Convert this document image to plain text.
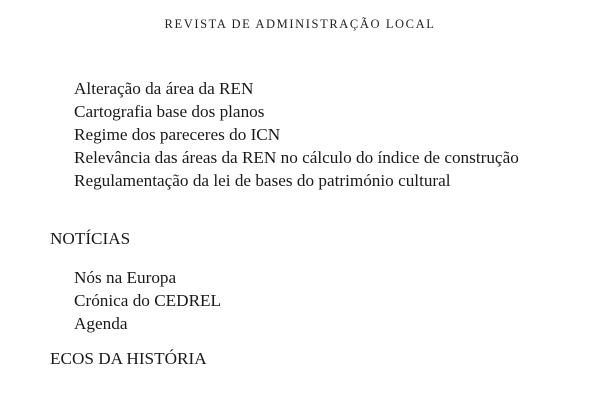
REVISTA DE ADMINISTRAÇÃO LOCAL
Alteração da área da REN
Cartografia base dos planos
Regime dos pareceres do ICN
Relevância das áreas da REN no cálculo do índice de construção
Regulamentação da lei de bases do património cultural
NOTÍCIAS
Nós na Europa
Crónica do CEDREL
Agenda
ECOS DA HISTÓRIA
